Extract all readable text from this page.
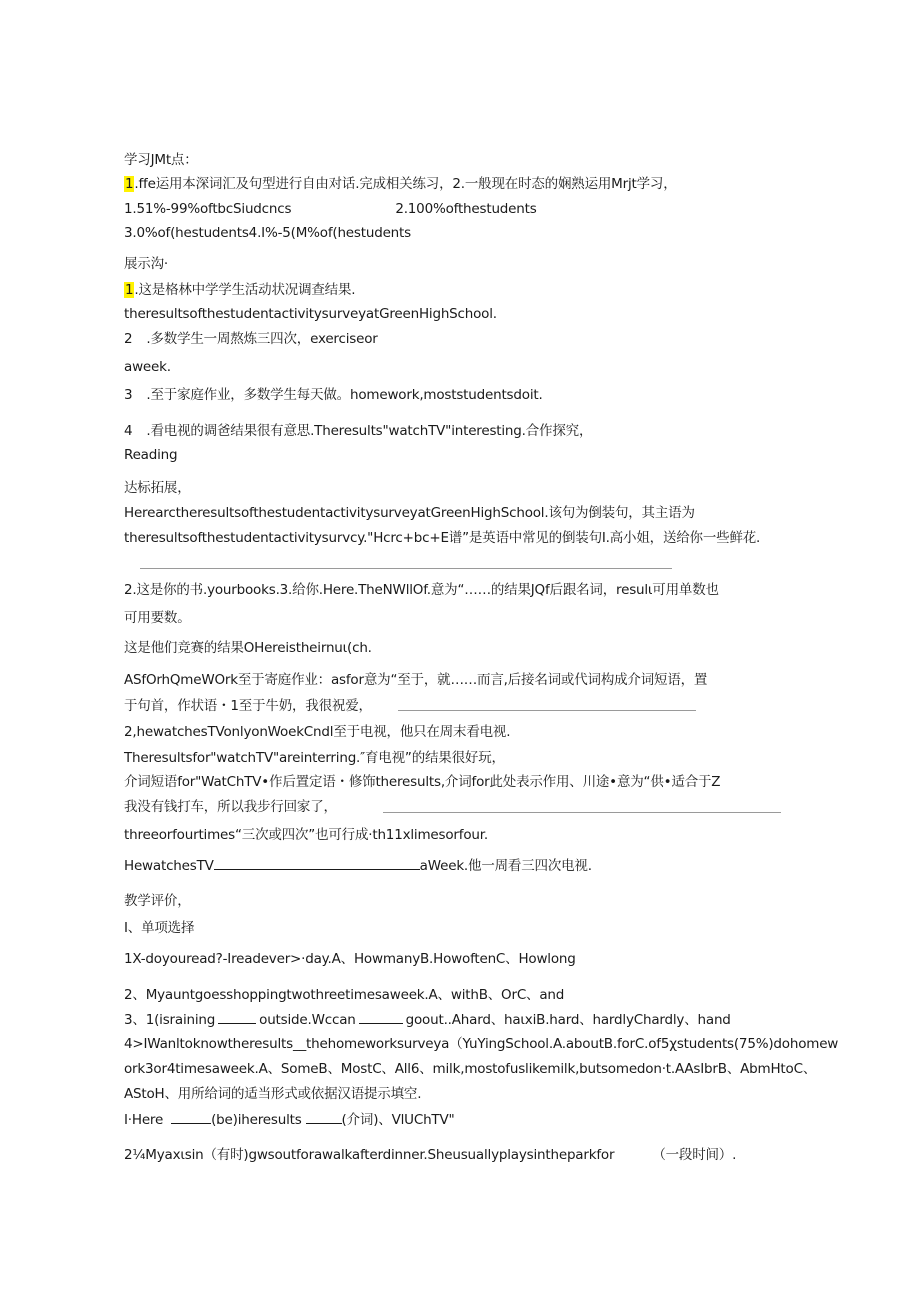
学习JMt点：
1.ffe运用本深词汇及句型进行自由对话.完成相关练习，2.一般现在时态的娴熟运用Mrjt学习，
1.51%-99%oftbcSiudcncs	2.100%ofthestudents
3.0%of(hestudents4.I%-5(M%of(hestudents
展示沟·
1.这是格林中学学生活动状况调查结果.
theresultsofthestudentactivitysurveyatGreenHighSchool.
2 .多数学生一周熬炼三四次，exerciseor
aweek.
3 .至于家庭作业，多数学生每天做。homework,moststudentsdoit.
4 .看电视的调爸结果很有意思.Theresults"watchTV"interesting.合作探究，
Reading
达标拓展，
HerearctheresultsofthestudentactivitysurveyatGreenHighSchool.该句为倒装句，其主语为
theresultsofthestudentactivitysurvcy."Hcrc+bc+E谱”是英语中常见的倒装句I.高小姐，送给你一些鲜花.
2.这是你的书.yourbooks.3.给你.Here.TheNWllOf.意为“……的结果JQf后跟名词，resulι可用单数也
可用要数。
这是他们竞赛的结果OHereistheirnuι(ch.
ASfOrhQmeWOrk至于寄庭作业：asfor意为“至于，就……而言,后接名词或代词构成介词短语，置
于句首，作状语・1至于牛奶，我很祝爱，
2,hewatchesTVonlyonWoekCndl至于电视，他只在周末看电视.
Theresultsfor"watchTV"areinterring.″育电视”的结果很好玩，
介词短语for"WatChTV•作后置定语・修饰theresults,介词for此处表示作用、川途•意为“供•适合于Z
我没有钱打车，所以我步行回家了，
threeorfourtimes“三次或四次”也可行成·th11xlimesorfour.
HewatchesTV	aWeek.他一周看三四次电视.
教学评价，
I、单项选择
1X-doyouread?-Ireadever>·day.A、HowmanyB.HowoftenC、Howlong
2、Myauntgoesshoppingtwothreetimesaweek.A、withB、OrC、and
3、1(israining	outside.Wccan	goout..Ahard、haιxiB.hard、hardlyChardly、hand
4>IWanltoknowtheresults__thehomeworksurveya（YuYingSchool.A.aboutB.forC.of5χstudents(75%)dohomew
ork3or4timesaweek.A、SomeB、MostC、All6、milk,mostofuslikemilk,butsomedon·t.AAsIbrB、AbmHtoC、
AStoH、用所给词的适当形式或依据汉语提示填空.
I·Here	(be)iheresults	(介词)、VlUChTV"
2¼Myaxιsin（有时)gwsoutforawalkafterdinner.Sheusuallyplaysintheparkfor	（一段时间）.
